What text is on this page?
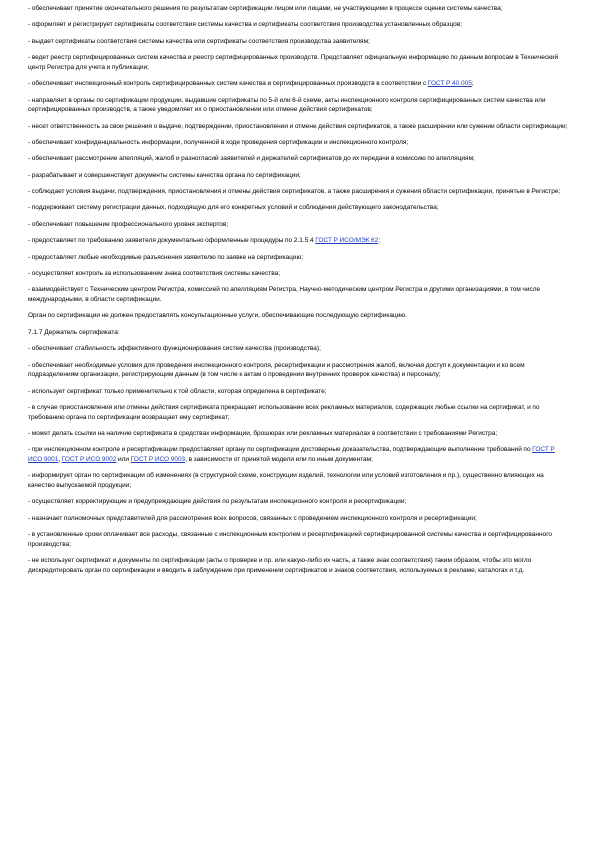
- обеспечивает принятие окончательного решения по результатам сертификации лицом или лицами, не участвующими в процессе оценки системы качества;

- оформляет и регистрирует сертификаты соответствия системы качества и сертификаты соответствия производства установленных образцов;

- выдает сертификаты соответствия системы качества или сертификаты соответствия производства заявителям;

- ведет реестр сертифицированных систем качества и реестр сертифицированных производств. Представляет официальную информацию по данным вопросам в Технический центр Регистра для учета и публикации;

- обеспечивает инспекционный контроль сертифицированных систем качества и сертифицированных производств в соответствии с ГОСТ Р 40.005;

- направляет в органы по сертификации продукции, выдавшие сертификаты по 5-й или 6-й схеме, акты инспекционного контроля сертифицированных систем качества или сертифицированных производств, а также уведомляет их о приостановлении или отмене действия сертификатов;

- несет ответственность за свои решения о выдаче, подтверждении, приостановлении и отмене действия сертификатов, а также расширении или сужении области сертификации;

- обеспечивает конфиденциальность информации, полученной в ходе проведения сертификации и инспекционного контроля;

- обеспечивает рассмотрение апелляций, жалоб и разногласий заявителей и держателей сертификатов до их передачи в комиссию по апелляциям;

- разрабатывает и совершенствует документы системы качества органа по сертификации;

- соблюдает условия выдачи, подтверждения, приостановления и отмены действия сертификатов, а также расширения и сужения области сертификации, принятые в Регистре;

- поддерживает систему регистрации данных, подходящую для его конкретных условий и соблюдения действующего законодательства;

- обеспечивает повышение профессионального уровня экспертов;

- предоставляет по требованию заявителя документально оформленные процедуры по 2.1.5.4 ГОСТ Р ИСО/МЭК 62;

- предоставляет любые необходимые разъяснения заявителю по заявке на сертификацию;

- осуществляет контроль за использованием знака соответствия системы качества;

- взаимодействует с Техническим центром Регистра, комиссией по апелляциям Регистра, Научно-методическим центром Регистра и другими организациями, в том числе международными, в области сертификации.

Орган по сертификации не должен предоставлять консультационные услуги, обеспечивающие последующую сертификацию.

7.1.7 Держатель сертификата:

- обеспечивает стабильность эффективного функционирования систем качества (производства);

- обеспечивает необходимые условия для проведения инспекционного контроля, ресертификации и рассмотрения жалоб, включая доступ к документации и ко всем подразделениям организации, регистрирующим данным (в том числе к актам о проведении внутренних проверок качества) и персоналу;

- использует сертификат только применительно к той области, которая определена в сертификате;

- в случае приостановления или отмены действия сертификата прекращает использование всех рекламных материалов, содержащих любые ссылки на сертификат, и по требованию органа по сертификации возвращает ему сертификат;

- может делать ссылки на наличие сертификата в средствах информации, брошюрах или рекламных материалах в соответствии с требованиями Регистра;

- при инспекционном контроле и ресертификации предоставляет органу по сертификации достоверные доказательства, подтверждающие выполнение требований по ГОСТ Р ИСО 9001, ГОСТ Р ИСО 9002 или ГОСТ Р ИСО 9003, в зависимости от принятой модели или по иным документам;

- информирует орган по сертификации об изменениях (в структурной схеме, конструкции изделий, технологии или условий изготовления и пр.), существенно влияющих на качество выпускаемой продукции;

- осуществляет корректирующие и предупреждающие действия по результатам инспекционного контроля и ресертификации;

- назначает полномочных представителей для рассмотрения всех вопросов, связанных с проведением инспекционного контроля и ресертификации;

- в установленные сроки оплачивает все расходы, связанные с инспекционным контролем и ресертификацией сертифицированной системы качества и сертифицированного производства;

- не использует сертификат и документы по сертификации (акты о проверке и пр. или какую-либо их часть, а также знак соответствия) таким образом, чтобы это могло дискредитировать орган по сертификации и вводить в заблуждение при применении сертификатов и знаков соответствия, используемых в рекламе, каталогах и т.д.
